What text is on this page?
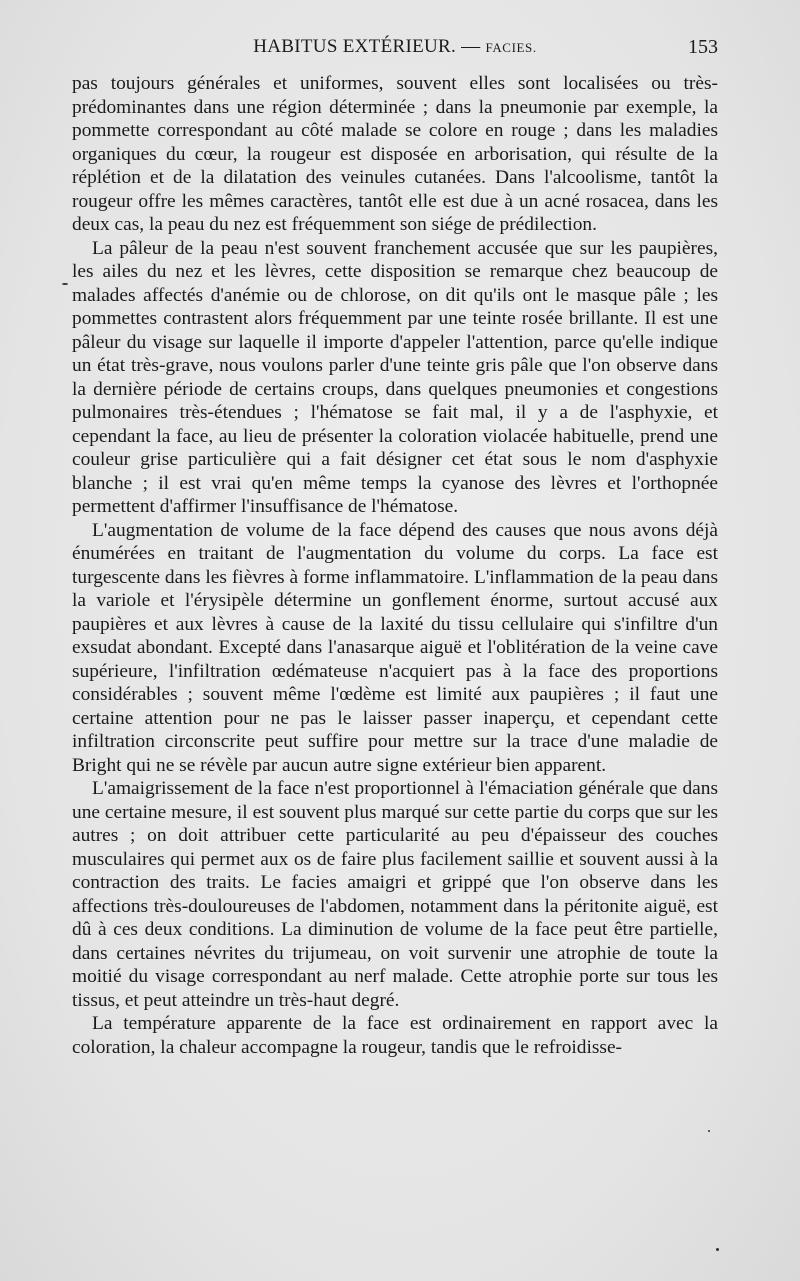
HABITUS EXTÉRIEUR. — FACIES.	153

pas toujours générales et uniformes, souvent elles sont localisées ou très-prédominantes dans une région déterminée ; dans la pneumonie par exemple, la pommette correspondant au côté malade se colore en rouge ; dans les maladies organiques du cœur, la rougeur est disposée en arborisation, qui résulte de la réplétion et de la dilatation des veinules cutanées. Dans l'alcoolisme, tantôt la rougeur offre les mêmes caractères, tantôt elle est due à un acné rosacea, dans les deux cas, la peau du nez est fréquemment son siége de prédilection.

La pâleur de la peau n'est souvent franchement accusée que sur les paupières, les ailes du nez et les lèvres, cette disposition se remarque chez beaucoup de malades affectés d'anémie ou de chlorose, on dit qu'ils ont le masque pâle ; les pommettes contrastent alors fréquemment par une teinte rosée brillante. Il est une pâleur du visage sur laquelle il importe d'appeler l'attention, parce qu'elle indique un état très-grave, nous voulons parler d'une teinte gris pâle que l'on observe dans la dernière période de certains croups, dans quelques pneumonies et congestions pulmonaires très-étendues ; l'hématose se fait mal, il y a de l'asphyxie, et cependant la face, au lieu de présenter la coloration violacée habituelle, prend une couleur grise particulière qui a fait désigner cet état sous le nom d'asphyxie blanche ; il est vrai qu'en même temps la cyanose des lèvres et l'orthopnée permettent d'affirmer l'insuffisance de l'hématose.

L'augmentation de volume de la face dépend des causes que nous avons déjà énumérées en traitant de l'augmentation du volume du corps. La face est turgescente dans les fièvres à forme inflammatoire. L'inflammation de la peau dans la variole et l'érysipèle détermine un gonflement énorme, surtout accusé aux paupières et aux lèvres à cause de la laxité du tissu cellulaire qui s'infiltre d'un exsudat abondant. Excepté dans l'anasarque aiguë et l'oblitération de la veine cave supérieure, l'infiltration œdémateuse n'acquiert pas à la face des proportions considérables ; souvent même l'œdème est limité aux paupières ; il faut une certaine attention pour ne pas le laisser passer inaperçu, et cependant cette infiltration circonscrite peut suffire pour mettre sur la trace d'une maladie de Bright qui ne se révèle par aucun autre signe extérieur bien apparent.

L'amaigrissement de la face n'est proportionnel à l'émaciation générale que dans une certaine mesure, il est souvent plus marqué sur cette partie du corps que sur les autres ; on doit attribuer cette particularité au peu d'épaisseur des couches musculaires qui permet aux os de faire plus facilement saillie et souvent aussi à la contraction des traits. Le facies amaigri et grippé que l'on observe dans les affections très-douloureuses de l'abdomen, notamment dans la péritonite aiguë, est dû à ces deux conditions. La diminution de volume de la face peut être partielle, dans certaines névrites du trijumeau, on voit survenir une atrophie de toute la moitié du visage correspondant au nerf malade. Cette atrophie porte sur tous les tissus, et peut atteindre un très-haut degré.

La température apparente de la face est ordinairement en rapport avec la coloration, la chaleur accompagne la rougeur, tandis que le refroidisse-
